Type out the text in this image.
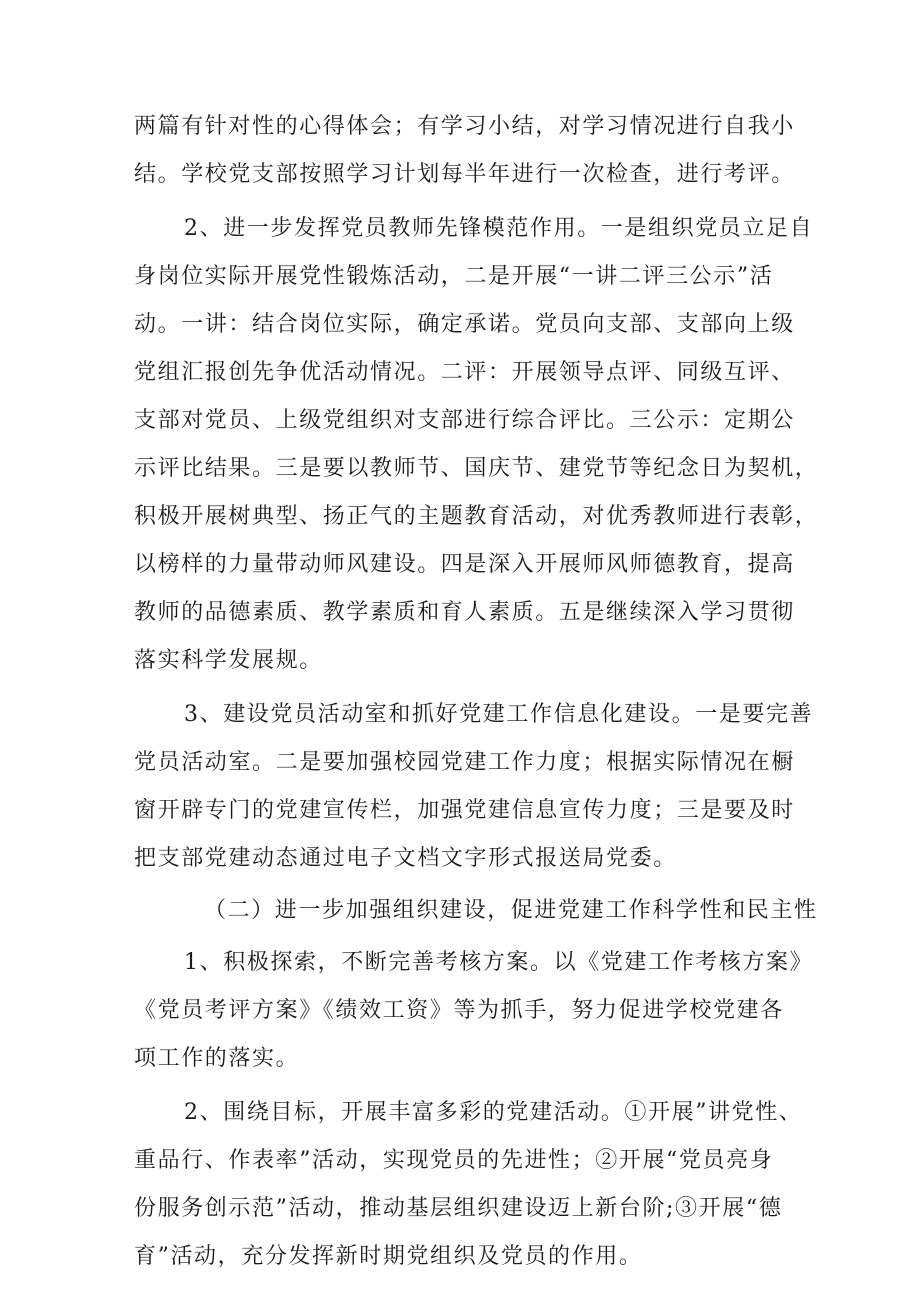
两篇有针对性的心得体会；有学习小结，对学习情况进行自我小
结。学校党支部按照学习计划每半年进行一次检查，进行考评。
2、进一步发挥党员教师先锋模范作用。一是组织党员立足自
身岗位实际开展党性锻炼活动，二是开展“一讲二评三公示”活
动。一讲：结合岗位实际，确定承诺。党员向支部、支部向上级
党组汇报创先争优活动情况。二评：开展领导点评、同级互评、
支部对党员、上级党组织对支部进行综合评比。三公示：定期公
示评比结果。三是要以教师节、国庆节、建党节等纪念日为契机，
积极开展树典型、扬正气的主题教育活动，对优秀教师进行表彰，
以榜样的力量带动师风建设。四是深入开展师风师德教育，提高
教师的品德素质、教学素质和育人素质。五是继续深入学习贯彻
落实科学发展规。
3、建设党员活动室和抓好党建工作信息化建设。一是要完善
党员活动室。二是要加强校园党建工作力度；根据实际情况在橱
窗开辟专门的党建宣传栏，加强党建信息宣传力度；三是要及时
把支部党建动态通过电子文档文字形式报送局党委。
（二）进一步加强组织建设，促进党建工作科学性和民主性
1、积极探索，不断完善考核方案。以《党建工作考核方案》
《党员考评方案》《绩效工资》等为抓手，努力促进学校党建各
项工作的落实。
2、围绕目标，开展丰富多彩的党建活动。①开展”讲党性、
重品行、作表率”活动，实现党员的先进性；②开展“党员亮身
份服务创示范”活动，推动基层组织建设迈上新台阶;③开展“德
育”活动，充分发挥新时期党组织及党员的作用。
